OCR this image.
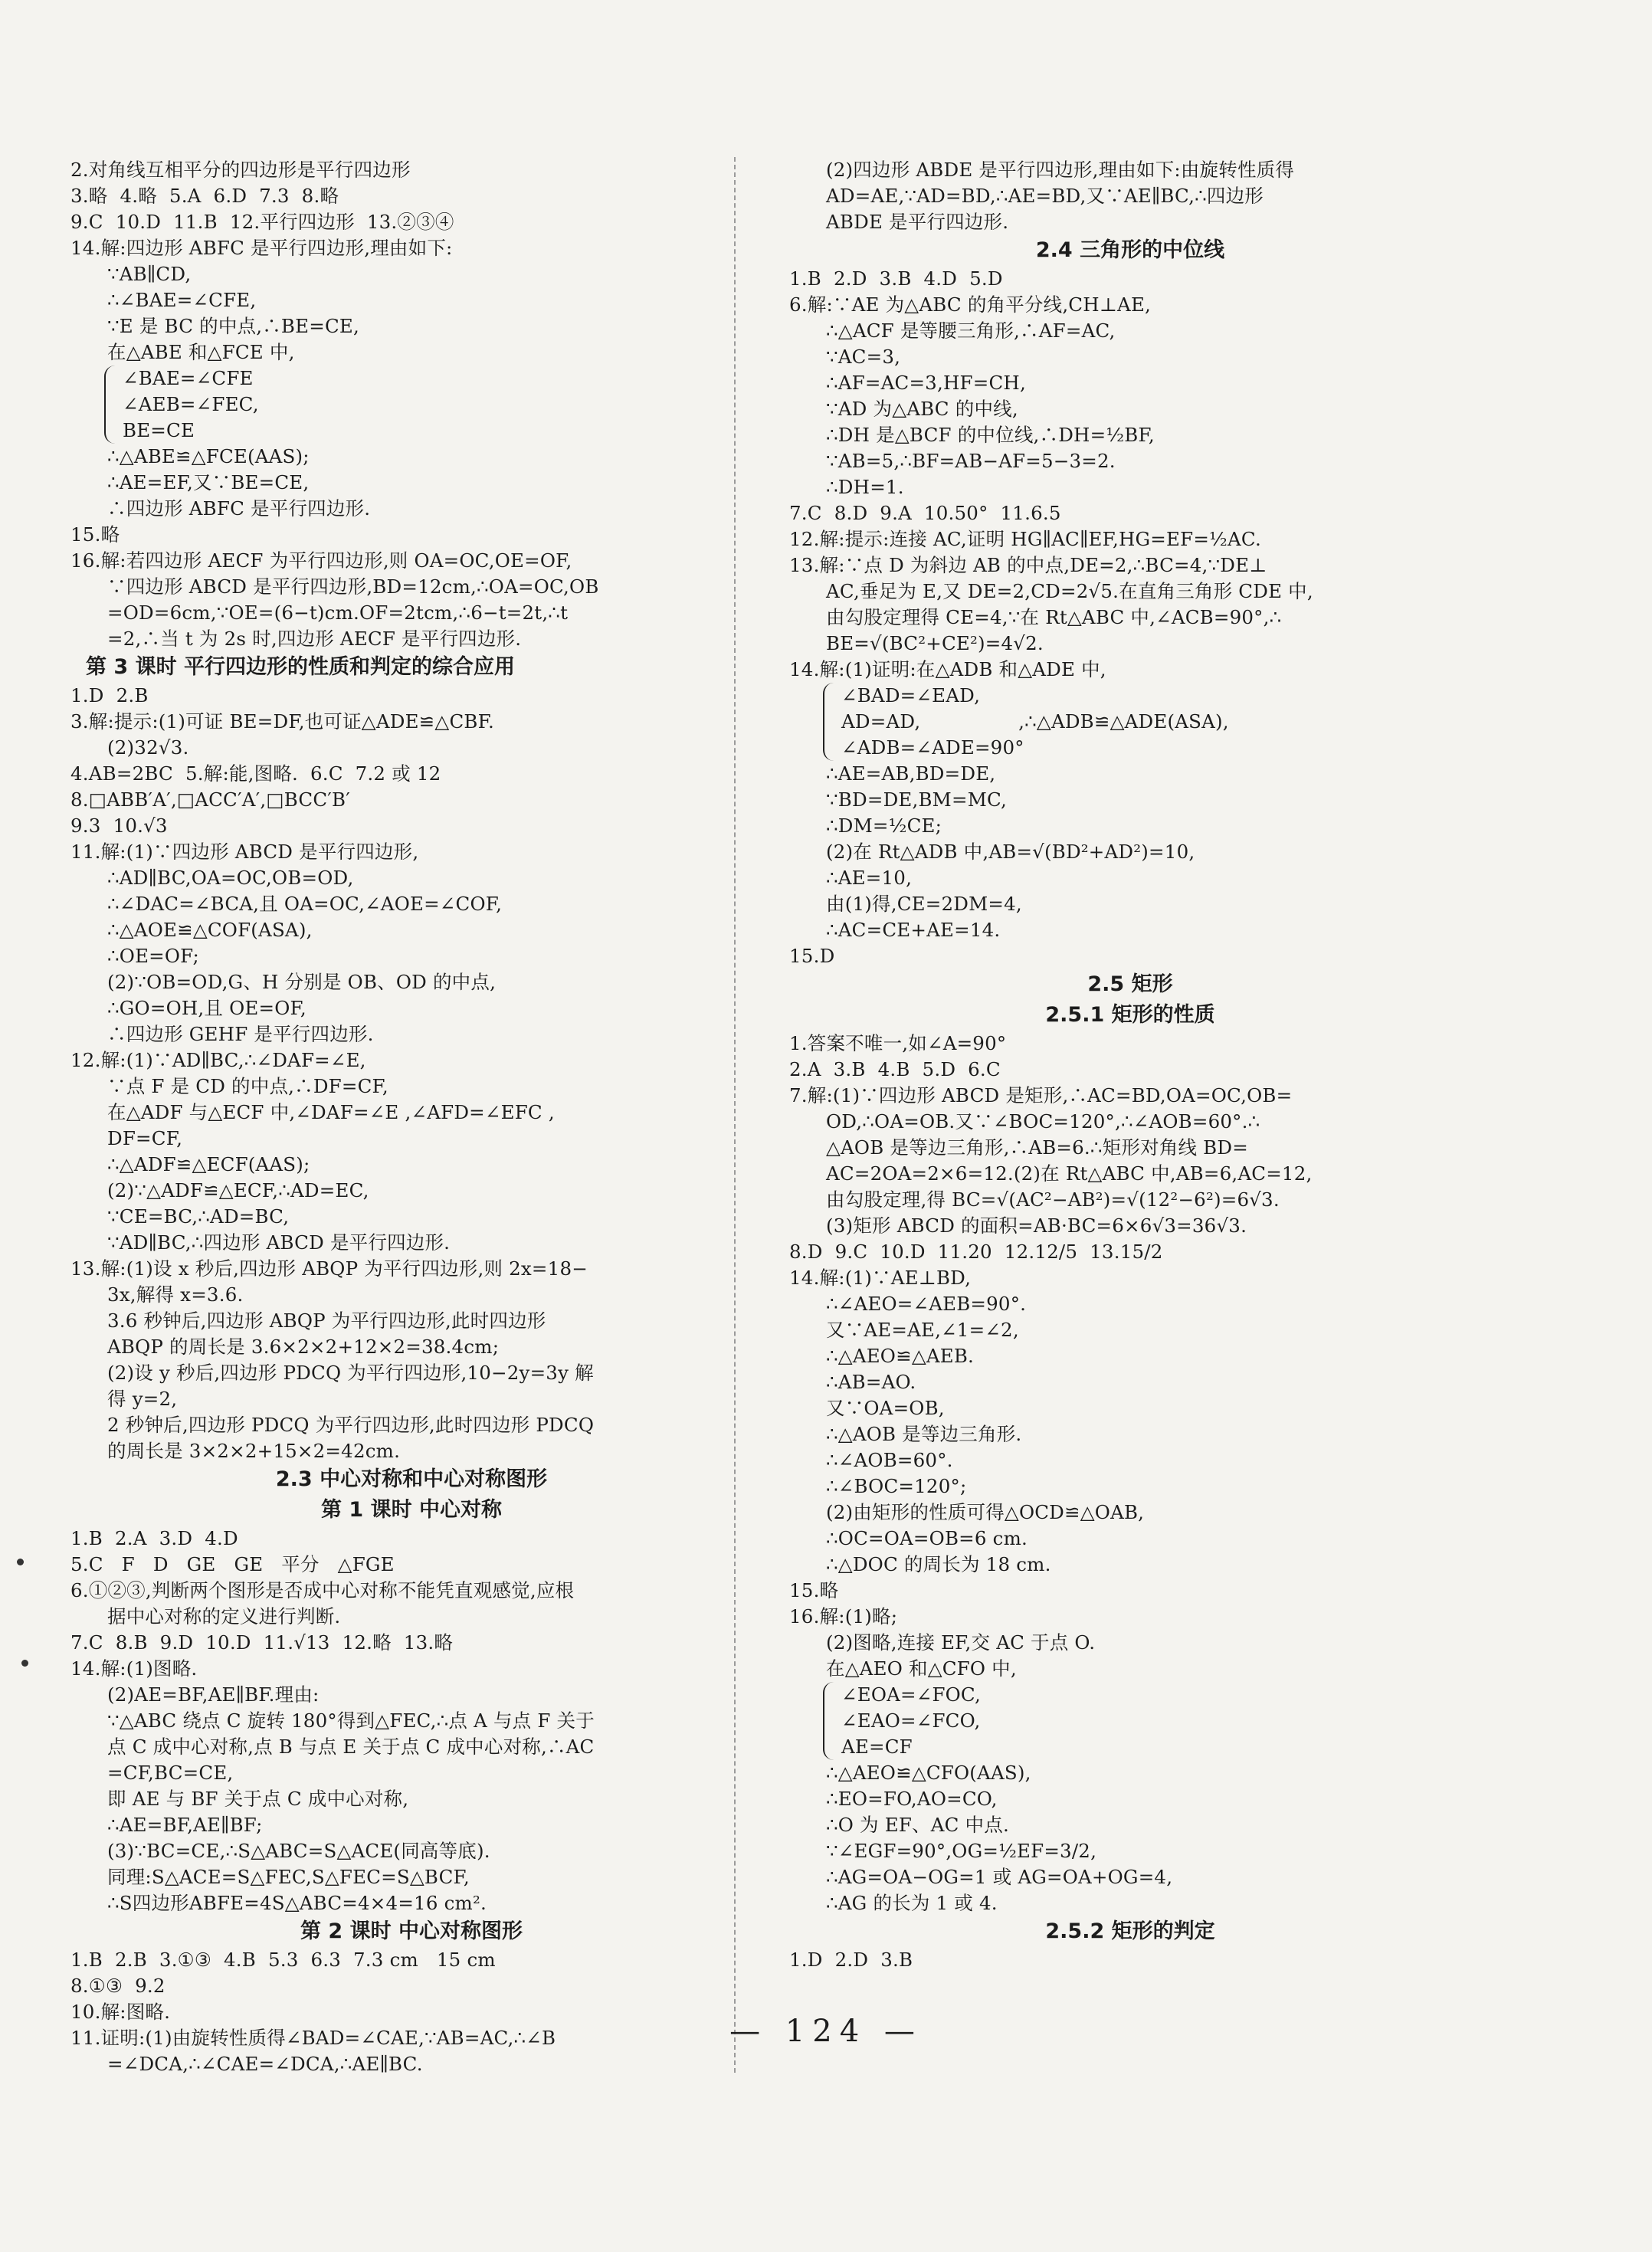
2.对角线互相平分的四边形是平行四边形
3.略  4.略  5.A  6.D  7.3  8.略
9.C  10.D  11.B  12.平行四边形  13.②③④
14.解:四边形 ABFC 是平行四边形,理由如下:
∵AB∥CD,
∴∠BAE=∠CFE,
∵E 是 BC 的中点,∴BE=CE,
在△ABE 和△FCE 中,
∠BAE=∠CFE
∠AEB=∠FEC,
BE=CE
∴△ABE≌△FCE(AAS);
∴AE=EF,又∵BE=CE,
∴四边形 ABFC 是平行四边形.
15.略
16.解:若四边形 AECF 为平行四边形,则 OA=OC,OE=OF,
∵四边形 ABCD 是平行四边形,BD=12cm,∴OA=OC,OB
=OD=6cm,∵OE=(6−t)cm.OF=2tcm,∴6−t=2t,∴t
=2,∴当 t 为 2s 时,四边形 AECF 是平行四边形.
第 3 课时 平行四边形的性质和判定的综合应用
1.D  2.B
3.解:提示:(1)可证 BE=DF,也可证△ADE≌△CBF.
(2)32√3.
4.AB=2BC  5.解:能,图略.  6.C  7.2 或 12
8.□ABB′A′,□ACC′A′,□BCC′B′
9.3  10.√3
11.解:(1)∵四边形 ABCD 是平行四边形,
∴AD∥BC,OA=OC,OB=OD,
∴∠DAC=∠BCA,且 OA=OC,∠AOE=∠COF,
∴△AOE≌△COF(ASA),
∴OE=OF;
(2)∵OB=OD,G、H 分别是 OB、OD 的中点,
∴GO=OH,且 OE=OF,
∴四边形 GEHF 是平行四边形.
12.解:(1)∵AD∥BC,∴∠DAF=∠E,
∵点 F 是 CD 的中点,∴DF=CF,
在△ADF 与△ECF 中,∠DAF=∠E ,∠AFD=∠EFC ,
DF=CF,
∴△ADF≌△ECF(AAS);
(2)∵△ADF≌△ECF,∴AD=EC,
∵CE=BC,∴AD=BC,
∵AD∥BC,∴四边形 ABCD 是平行四边形.
13.解:(1)设 x 秒后,四边形 ABQP 为平行四边形,则 2x=18−
3x,解得 x=3.6.
3.6 秒钟后,四边形 ABQP 为平行四边形,此时四边形
ABQP 的周长是 3.6×2×2+12×2=38.4cm;
(2)设 y 秒后,四边形 PDCQ 为平行四边形,10−2y=3y 解
得 y=2,
2 秒钟后,四边形 PDCQ 为平行四边形,此时四边形 PDCQ
的周长是 3×2×2+15×2=42cm.
2.3 中心对称和中心对称图形
第 1 课时 中心对称
1.B  2.A  3.D  4.D
5.C   F   D   GE   GE   平分   △FGE
6.①②③,判断两个图形是否成中心对称不能凭直观感觉,应根
据中心对称的定义进行判断.
7.C  8.B  9.D  10.D  11.√13  12.略  13.略
14.解:(1)图略.
(2)AE=BF,AE∥BF.理由:
∵△ABC 绕点 C 旋转 180°得到△FEC,∴点 A 与点 F 关于
点 C 成中心对称,点 B 与点 E 关于点 C 成中心对称,∴AC
=CF,BC=CE,
即 AE 与 BF 关于点 C 成中心对称,
∴AE=BF,AE∥BF;
(3)∵BC=CE,∴S△ABC=S△ACE(同高等底).
同理:S△ACE=S△FEC,S△FEC=S△BCF,
∴S四边形ABFE=4S△ABC=4×4=16 cm².
第 2 课时 中心对称图形
1.B  2.B  3.①③  4.B  5.3  6.3  7.3 cm   15 cm
8.①③  9.2
10.解:图略.
11.证明:(1)由旋转性质得∠BAD=∠CAE,∵AB=AC,∴∠B
=∠DCA,∴∠CAE=∠DCA,∴AE∥BC.
(2)四边形 ABDE 是平行四边形,理由如下:由旋转性质得
AD=AE,∵AD=BD,∴AE=BD,又∵AE∥BC,∴四边形
ABDE 是平行四边形.
2.4 三角形的中位线
1.B  2.D  3.B  4.D  5.D
6.解:∵AE 为△ABC 的角平分线,CH⊥AE,
∴△ACF 是等腰三角形,∴AF=AC,
∵AC=3,
∴AF=AC=3,HF=CH,
∵AD 为△ABC 的中线,
∴DH 是△BCF 的中位线,∴DH=½BF,
∵AB=5,∴BF=AB−AF=5−3=2.
∴DH=1.
7.C  8.D  9.A  10.50°  11.6.5
12.解:提示:连接 AC,证明 HG∥AC∥EF,HG=EF=½AC.
13.解:∵点 D 为斜边 AB 的中点,DE=2,∴BC=4,∵DE⊥
AC,垂足为 E,又 DE=2,CD=2√5.在直角三角形 CDE 中,
由勾股定理得 CE=4,∵在 Rt△ABC 中,∠ACB=90°,∴
BE=√(BC²+CE²)=4√2.
14.解:(1)证明:在△ADB 和△ADE 中,
∠BAD=∠EAD,
AD=AD,                ,∴△ADB≌△ADE(ASA),
∠ADB=∠ADE=90°
∴AE=AB,BD=DE,
∵BD=DE,BM=MC,
∴DM=½CE;
(2)在 Rt△ADB 中,AB=√(BD²+AD²)=10,
∴AE=10,
由(1)得,CE=2DM=4,
∴AC=CE+AE=14.
15.D
2.5 矩形
2.5.1 矩形的性质
1.答案不唯一,如∠A=90°
2.A  3.B  4.B  5.D  6.C
7.解:(1)∵四边形 ABCD 是矩形,∴AC=BD,OA=OC,OB=
OD,∴OA=OB.又∵∠BOC=120°,∴∠AOB=60°.∴
△AOB 是等边三角形,∴AB=6.∴矩形对角线 BD=
AC=2OA=2×6=12.(2)在 Rt△ABC 中,AB=6,AC=12,
由勾股定理,得 BC=√(AC²−AB²)=√(12²−6²)=6√3.
(3)矩形 ABCD 的面积=AB·BC=6×6√3=36√3.
8.D  9.C  10.D  11.20  12.12/5  13.15/2
14.解:(1)∵AE⊥BD,
∴∠AEO=∠AEB=90°.
又∵AE=AE,∠1=∠2,
∴△AEO≌△AEB.
∴AB=AO.
又∵OA=OB,
∴△AOB 是等边三角形.
∴∠AOB=60°.
∴∠BOC=120°;
(2)由矩形的性质可得△OCD≌△OAB,
∴OC=OA=OB=6 cm.
∴△DOC 的周长为 18 cm.
15.略
16.解:(1)略;
(2)图略,连接 EF,交 AC 于点 O.
在△AEO 和△CFO 中,
∠EOA=∠FOC,
∠EAO=∠FCO,
AE=CF
∴△AEO≌△CFO(AAS),
∴EO=FO,AO=CO,
∴O 为 EF、AC 中点.
∵∠EGF=90°,OG=½EF=3/2,
∴AG=OA−OG=1 或 AG=OA+OG=4,
∴AG 的长为 1 或 4.
2.5.2 矩形的判定
1.D  2.D  3.B
— 124 —
